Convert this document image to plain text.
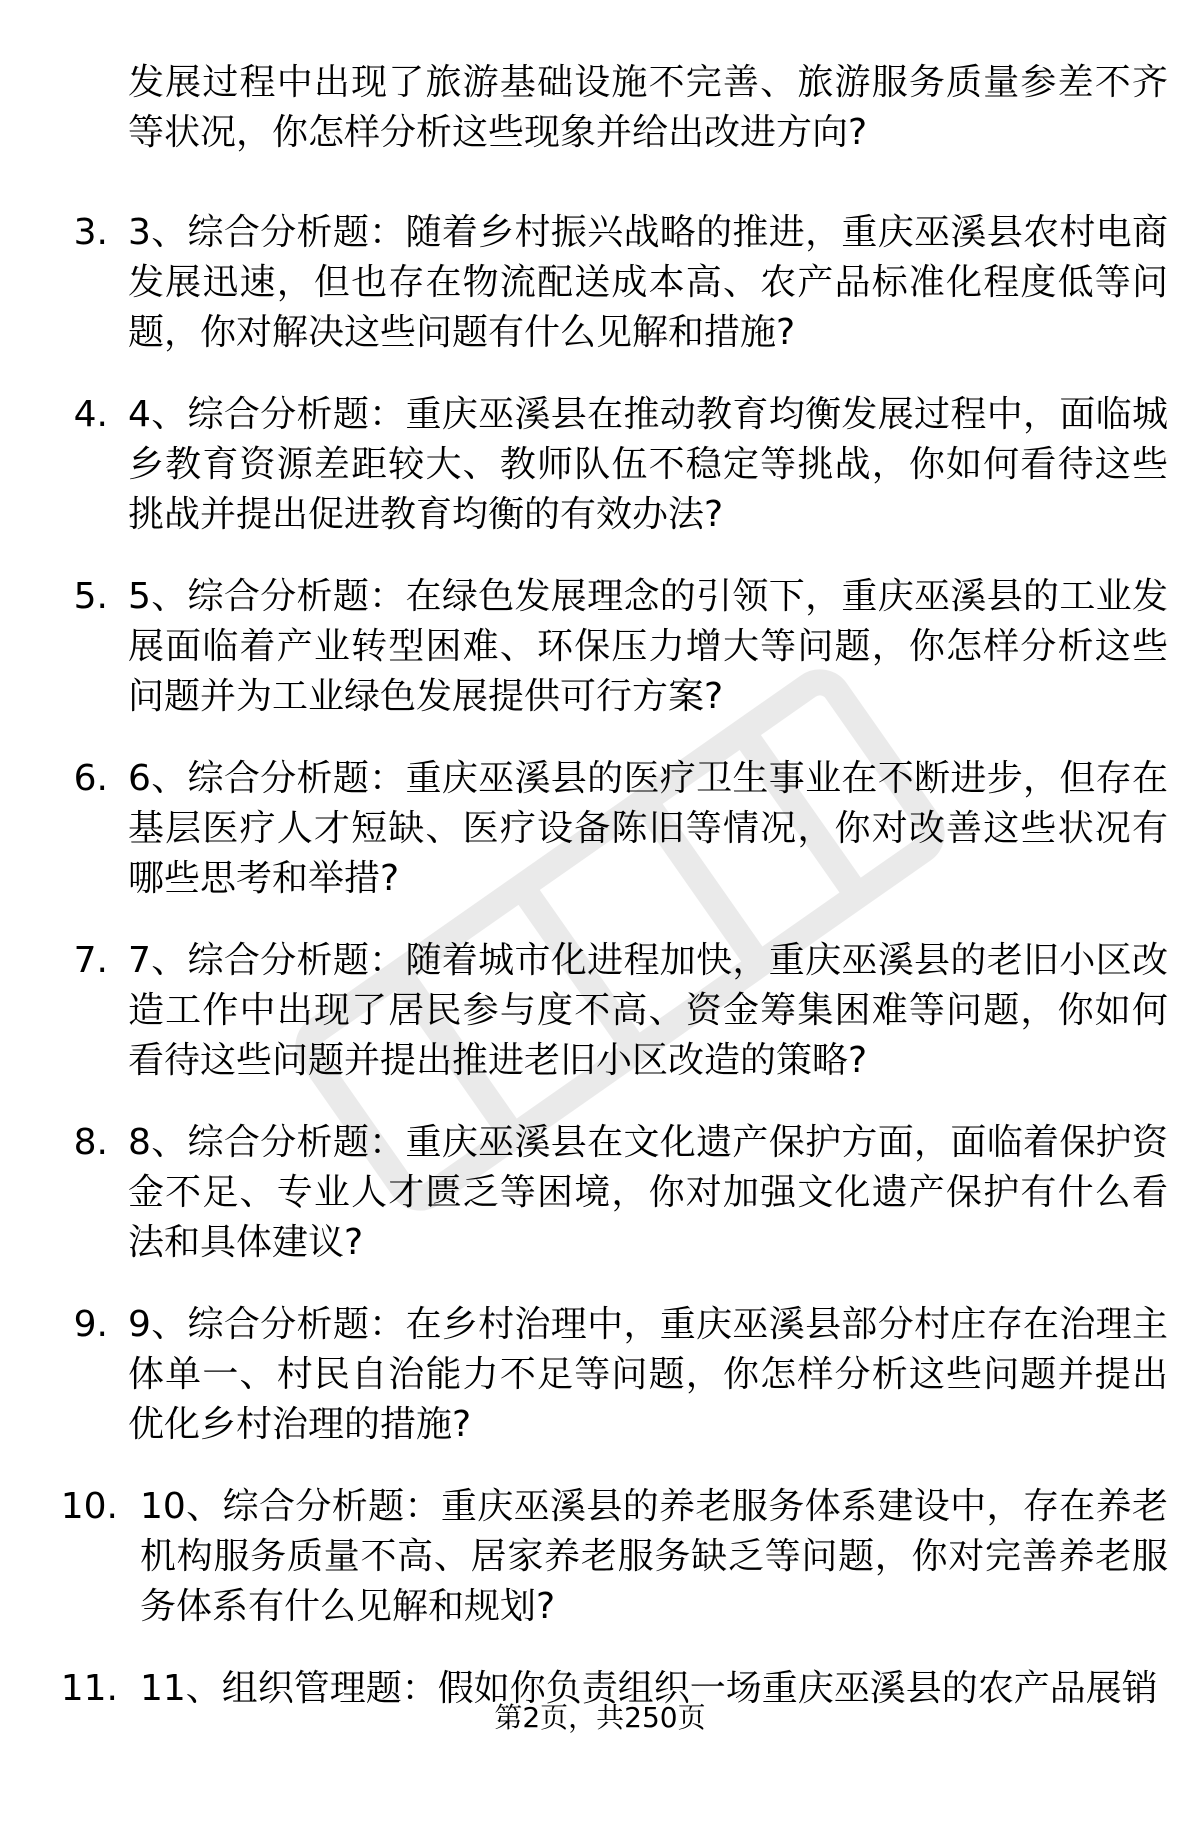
发展过程中出现了旅游基础设施不完善、旅游服务质量参差不齐等状况，你怎样分析这些现象并给出改进方向?
3. 3、综合分析题：随着乡村振兴战略的推进，重庆巫溪县农村电商发展迅速，但也存在物流配送成本高、农产品标准化程度低等问题，你对解决这些问题有什么见解和措施?
4. 4、综合分析题：重庆巫溪县在推动教育均衡发展过程中，面临城乡教育资源差距较大、教师队伍不稳定等挑战，你如何看待这些挑战并提出促进教育均衡的有效办法?
5. 5、综合分析题：在绿色发展理念的引领下，重庆巫溪县的工业发展面临着产业转型困难、环保压力增大等问题，你怎样分析这些问题并为工业绿色发展提供可行方案?
6. 6、综合分析题：重庆巫溪县的医疗卫生事业在不断进步，但存在基层医疗人才短缺、医疗设备陈旧等情况，你对改善这些状况有哪些思考和举措?
7. 7、综合分析题：随着城市化进程加快，重庆巫溪县的老旧小区改造工作中出现了居民参与度不高、资金筹集困难等问题，你如何看待这些问题并提出推进老旧小区改造的策略?
8. 8、综合分析题：重庆巫溪县在文化遗产保护方面，面临着保护资金不足、专业人才匮乏等困境，你对加强文化遗产保护有什么看法和具体建议?
9. 9、综合分析题：在乡村治理中，重庆巫溪县部分村庄存在治理主体单一、村民自治能力不足等问题，你怎样分析这些问题并提出优化乡村治理的措施?
10. 10、综合分析题：重庆巫溪县的养老服务体系建设中，存在养老机构服务质量不高、居家养老服务缺乏等问题，你对完善养老服务体系有什么见解和规划?
11. 11、组织管理题：假如你负责组织一场重庆巫溪县的农产品展销
第2页，共250页
